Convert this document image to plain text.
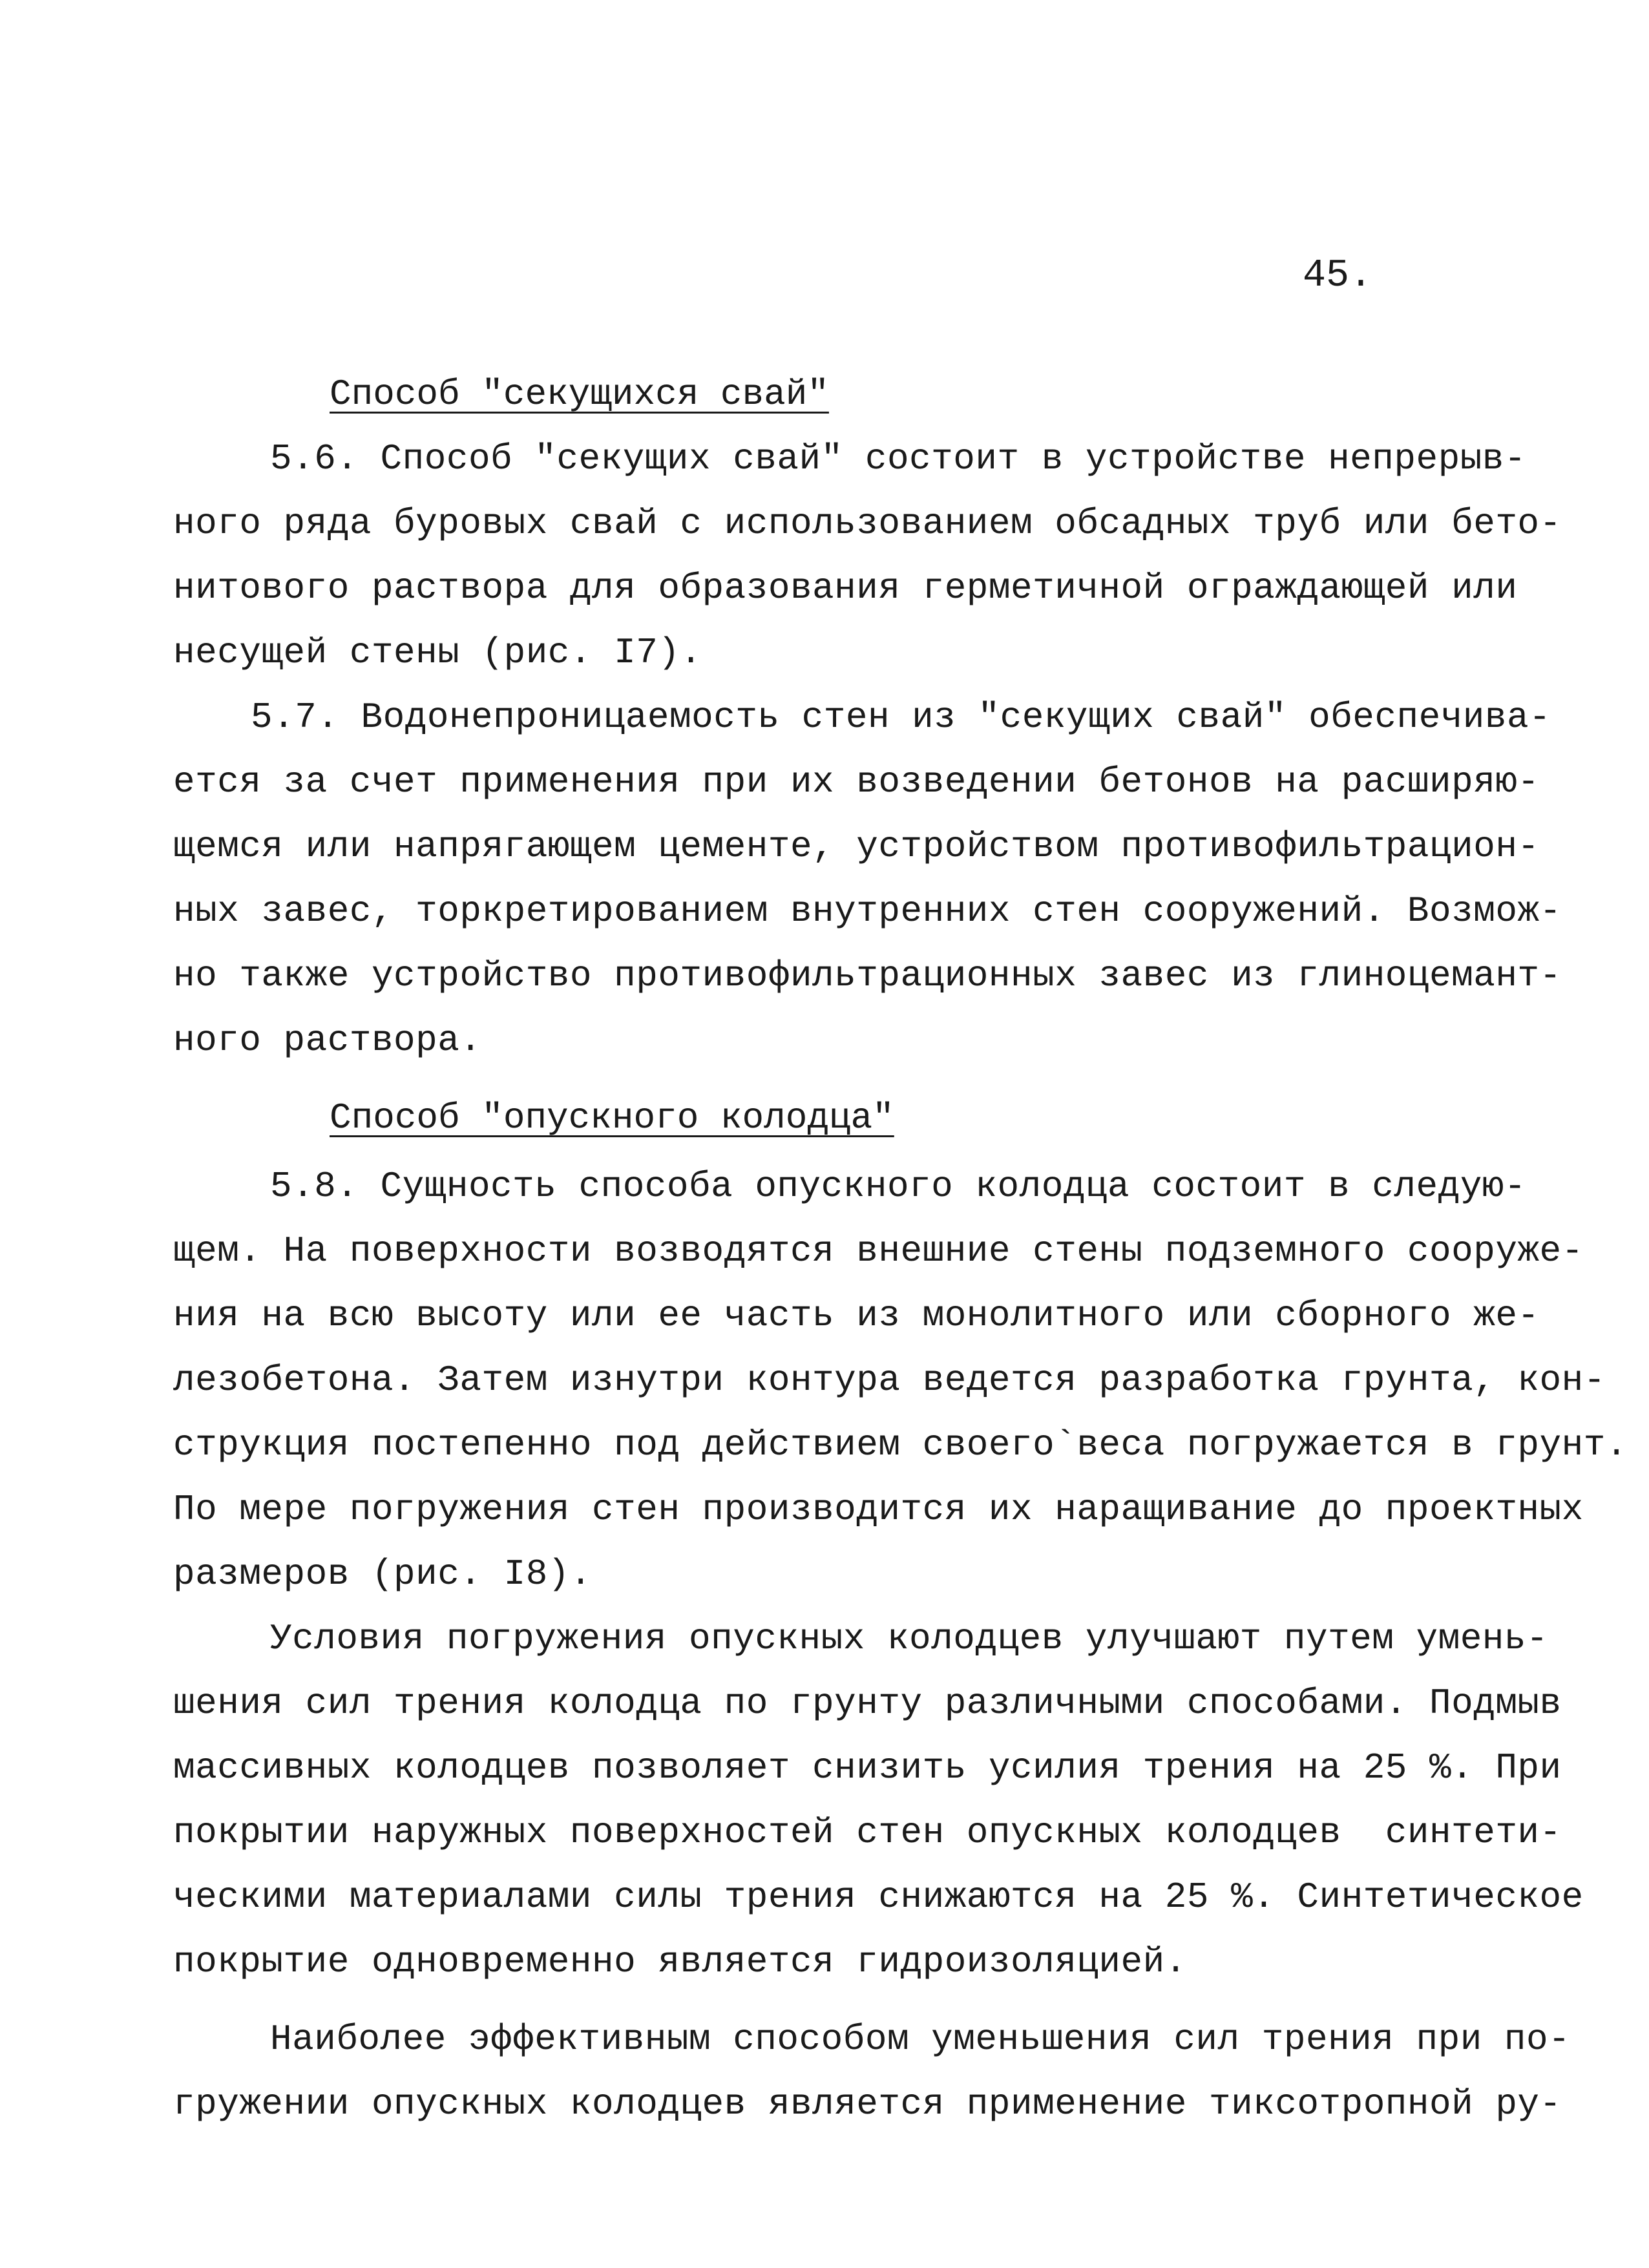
45.
Способ "секущихся свай"
5.6. Способ "секущих свай" состоит в устройстве непрерыв-
ного ряда буровых свай с использованием обсадных труб или бето-
нитового раствора для образования герметичной ограждающей или
несущей стены (рис. I7).
5.7. Водонепроницаемость стен из "секущих свай" обеспечива-
ется за счет применения при их возведении бетонов на расширяю-
щемся или напрягающем цементе, устройством противофильтрацион-
ных завес, торкретированием внутренних стен сооружений. Возмож-
но также устройство противофильтрационных завес из глиноцемант-
ного раствора.
Способ "опускного колодца"
5.8. Сущность способа опускного колодца состоит в следую-
щем. На поверхности возводятся внешние стены подземного сооруже-
ния на всю высоту или ее часть из монолитного или сборного же-
лезобетона. Затем изнутри контура ведется разработка грунта, кон-
струкция постепенно под действием своего`веса погружается в грунт.
По мере погружения стен производится их наращивание до проектных
размеров (рис. I8).
Условия погружения опускных колодцев улучшают путем умень-
шения сил трения колодца по грунту различными способами. Подмыв
массивных колодцев позволяет снизить усилия трения на 25 %. При
покрытии наружных поверхностей стен опускных колодцев  синтети-
ческими материалами силы трения снижаются на 25 %. Синтетическое
покрытие одновременно является гидроизоляцией.
Наиболее эффективным способом уменьшения сил трения при по-
гружении опускных колодцев является применение тиксотропной ру-
